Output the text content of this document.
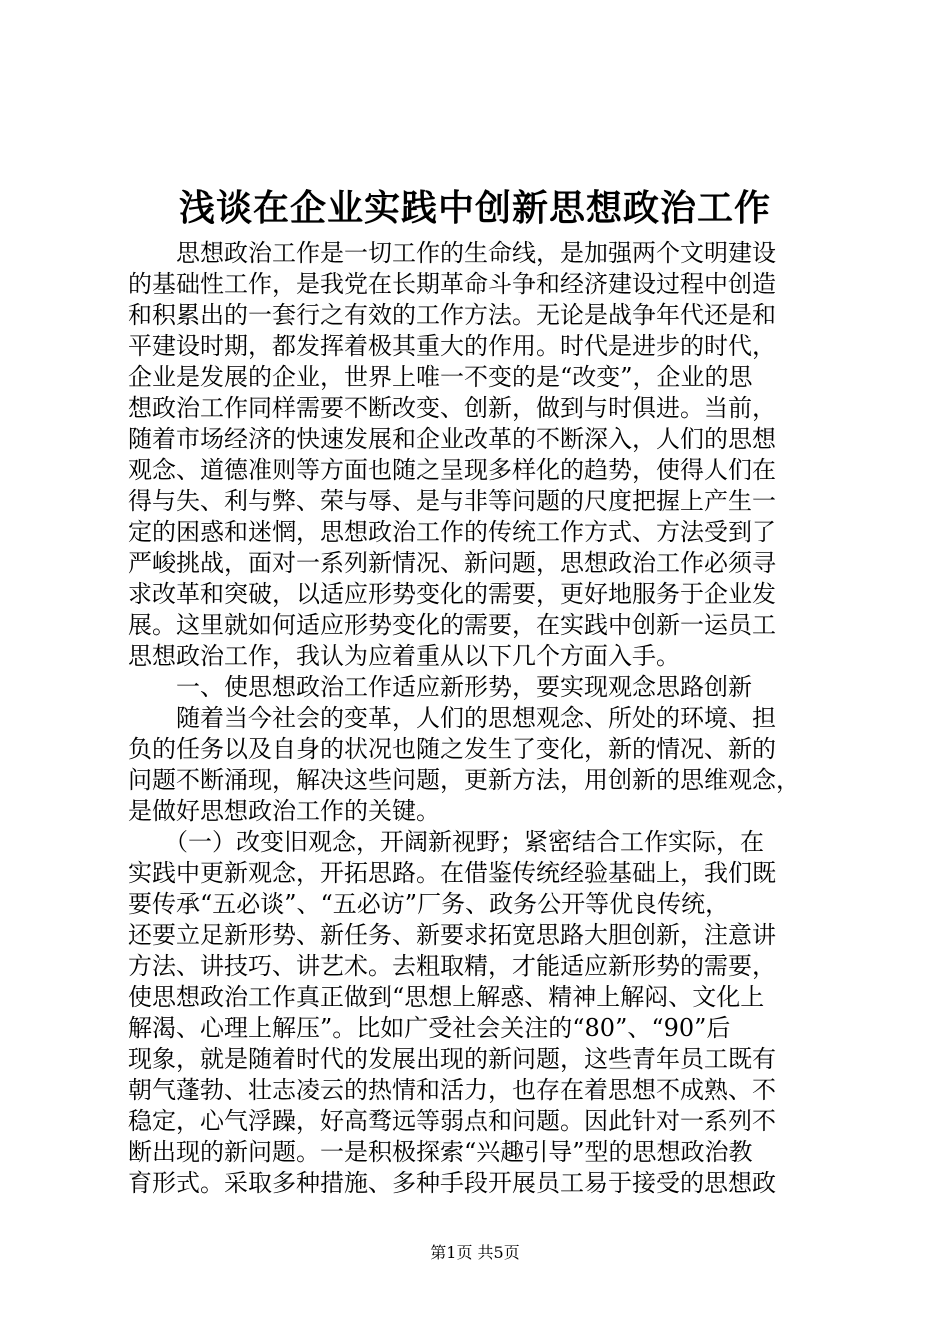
浅谈在企业实践中创新思想政治工作
　　思想政治工作是一切工作的生命线，是加强两个文明建设
的基础性工作，是我党在长期革命斗争和经济建设过程中创造
和积累出的一套行之有效的工作方法。无论是战争年代还是和
平建设时期，都发挥着极其重大的作用。时代是进步的时代，
企业是发展的企业，世界上唯一不变的是“改变”，企业的思
想政治工作同样需要不断改变、创新，做到与时俱进。当前，
随着市场经济的快速发展和企业改革的不断深入，人们的思想
观念、道德准则等方面也随之呈现多样化的趋势，使得人们在
得与失、利与弊、荣与辱、是与非等问题的尺度把握上产生一
定的困惑和迷惘，思想政治工作的传统工作方式、方法受到了
严峻挑战，面对一系列新情况、新问题，思想政治工作必须寻
求改革和突破，以适应形势变化的需要，更好地服务于企业发
展。这里就如何适应形势变化的需要，在实践中创新一运员工
思想政治工作，我认为应着重从以下几个方面入手。
　　一、使思想政治工作适应新形势，要实现观念思路创新
　　随着当今社会的变革，人们的思想观念、所处的环境、担
负的任务以及自身的状况也随之发生了变化，新的情况、新的
问题不断涌现，解决这些问题，更新方法，用创新的思维观念，
是做好思想政治工作的关键。
　　（一）改变旧观念，开阔新视野；紧密结合工作实际，在
实践中更新观念，开拓思路。在借鉴传统经验基础上，我们既
要传承“五必谈”、“五必访”厂务、政务公开等优良传统，
还要立足新形势、新任务、新要求拓宽思路大胆创新，注意讲
方法、讲技巧、讲艺术。去粗取精，才能适应新形势的需要，
使思想政治工作真正做到“思想上解惑、精神上解闷、文化上
解渴、心理上解压”。比如广受社会关注的“80”、“90”后
现象，就是随着时代的发展出现的新问题，这些青年员工既有
朝气蓬勃、壮志凌云的热情和活力，也存在着思想不成熟、不
稳定，心气浮躁，好高骛远等弱点和问题。因此针对一系列不
断出现的新问题。一是积极探索“兴趣引导”型的思想政治教
育形式。采取多种措施、多种手段开展员工易于接受的思想政
第1页 共5页
